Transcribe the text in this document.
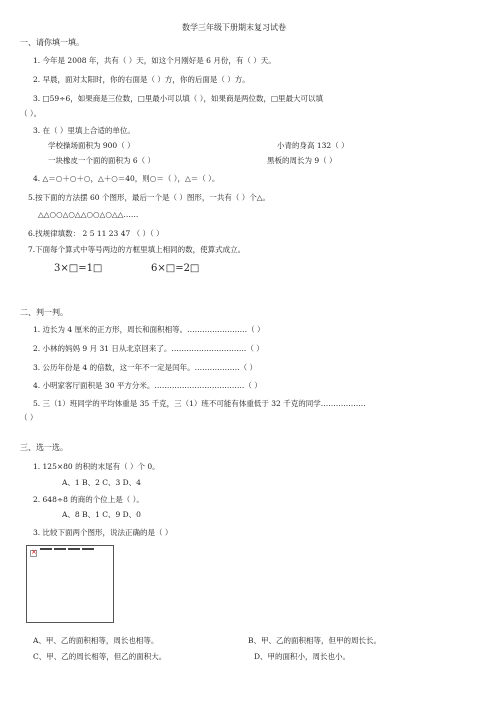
数学三年级下册期末复习试卷
一、请你填一填。
1. 今年是 2008 年，共有（ ）天，如这个月刚好是 6 月份，有（ ）天。
2. 早晨，面对太阳时，你的右面是（ ）方，你的后面是（ ）方。
3. □59÷6，如果商是三位数，□里最小可以填（ ），如果商是两位数，□里最大可以填
（ ）。
3. 在（ ）里填上合适的单位。
学校操场面积为 900（ ）	小青的身高 132（ ）
一块橡皮一个面的面积为 6（ ）	黑板的周长为 9（ ）
4. △＝○＋○＋○，△＋○＝40，则○＝（ ），△＝（ ）。
5.按下面的方法摆 60 个图形，最后一个是（ ）图形，一共有（ ）个△。
△△○○△○△△○○△○△△……
6.找规律填数： 2 5 11 23 47 （ ）（ ）
7.下面每个算式中等号两边的方框里填上相同的数，使算式成立。
3×□=1□	6×□=2□
二、判一判。
1. 边长为 4 厘米的正方形，周长和面积相等。……………………（ ）
2. 小林的妈妈 9 月 31 日从北京回来了。…………………………（ ）
3. 公历年份是 4 的倍数，这一年不一定是闰年。………………（ ）
4. 小明家客厅面积是 30 平方分米。………………………………（ ）
5. 三（1）班同学的平均体重是 35 千克，三（1）班不可能有体重低于 32 千克的同学………………
（ ）
三、选一选。
1. 125×80 的积的末尾有（ ）个 0。
A、1 B、2 C、3 D、4
2. 648÷8 的商的个位上是（ ）。
A、8 B、1 C、9 D、0
3. 比较下面两个图形，说法正确的是（ ）
×
A、甲、乙的面积相等，周长也相等。	B、甲、乙的面积相等，但甲的周长长。
C、甲、乙的周长相等，但乙的面积大。	D、甲的面积小，周长也小。
